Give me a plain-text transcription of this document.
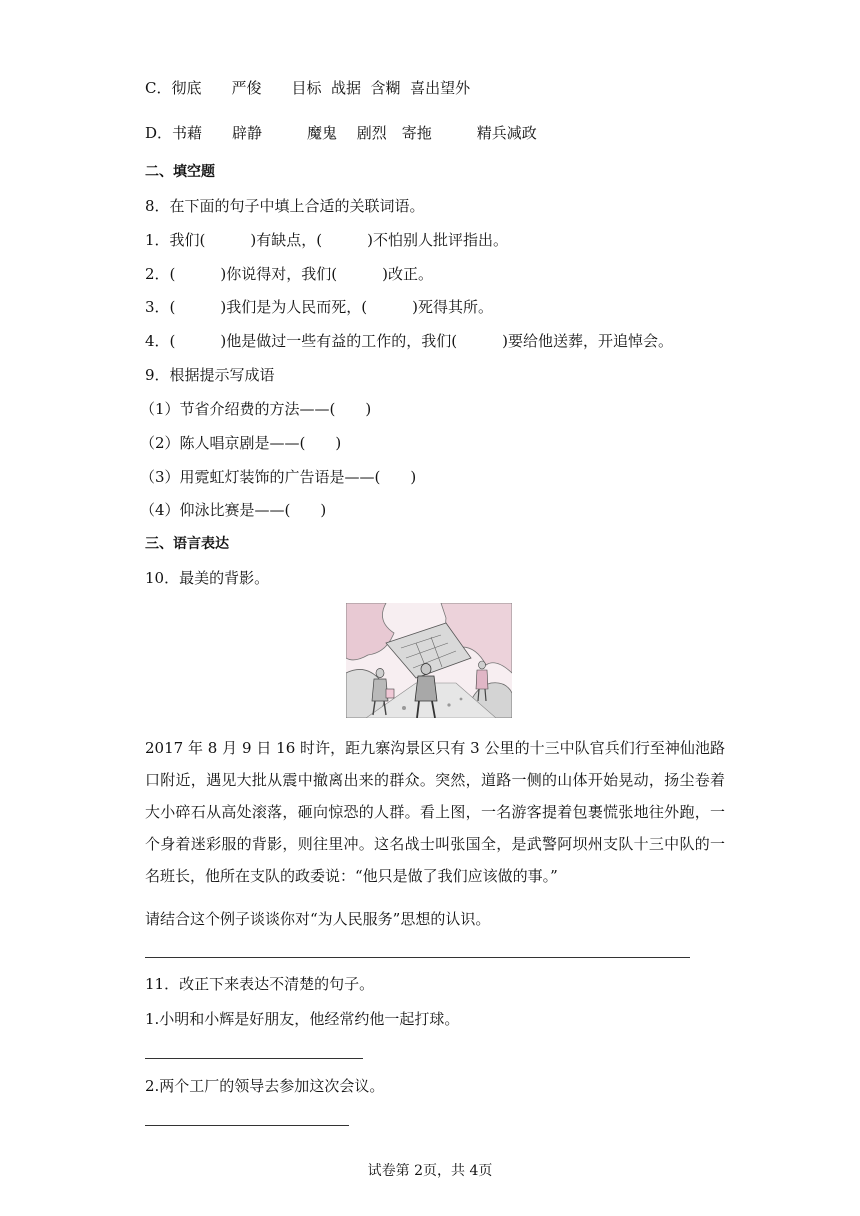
C．彻底　　严俊　　目标  战据  含糊  喜出望外
D．书藉　　辟静　　　魔鬼　 剧烈　寄拖　　　精兵减政
二、填空题
8．在下面的句子中填上合适的关联词语。
1．我们(　　　)有缺点，(　　　)不怕别人批评指出。
2．(　　　)你说得对，我们(　　　)改正。
3．(　　　)我们是为人民而死，(　　　)死得其所。
4．(　　　)他是做过一些有益的工作的，我们(　　　)要给他送葬，开追悼会。
9．根据提示写成语
（1）节省介绍费的方法——(　　)
（2）陈人唱京剧是——(　　)
（3）用霓虹灯装饰的广告语是——(　　)
（4）仰泳比赛是——(　　)
三、语言表达
10．最美的背影。
2017 年 8 月 9 日 16 时许，距九寨沟景区只有 3 公里的十三中队官兵们行至神仙池路口附近，遇见大批从震中撤离出来的群众。突然，道路一侧的山体开始晃动，扬尘卷着大小碎石从高处滚落，砸向惊恐的人群。看上图，一名游客提着包裹慌张地往外跑，一个身着迷彩服的背影，则往里冲。这名战士叫张国全，是武警阿坝州支队十三中队的一名班长，他所在支队的政委说：“他只是做了我们应该做的事。”
请结合这个例子谈谈你对“为人民服务”思想的认识。
11．改正下来表达不清楚的句子。
1.小明和小辉是好朋友，他经常约他一起打球。
2.两个工厂的领导去参加这次会议。
试卷第 2页，共 4页
